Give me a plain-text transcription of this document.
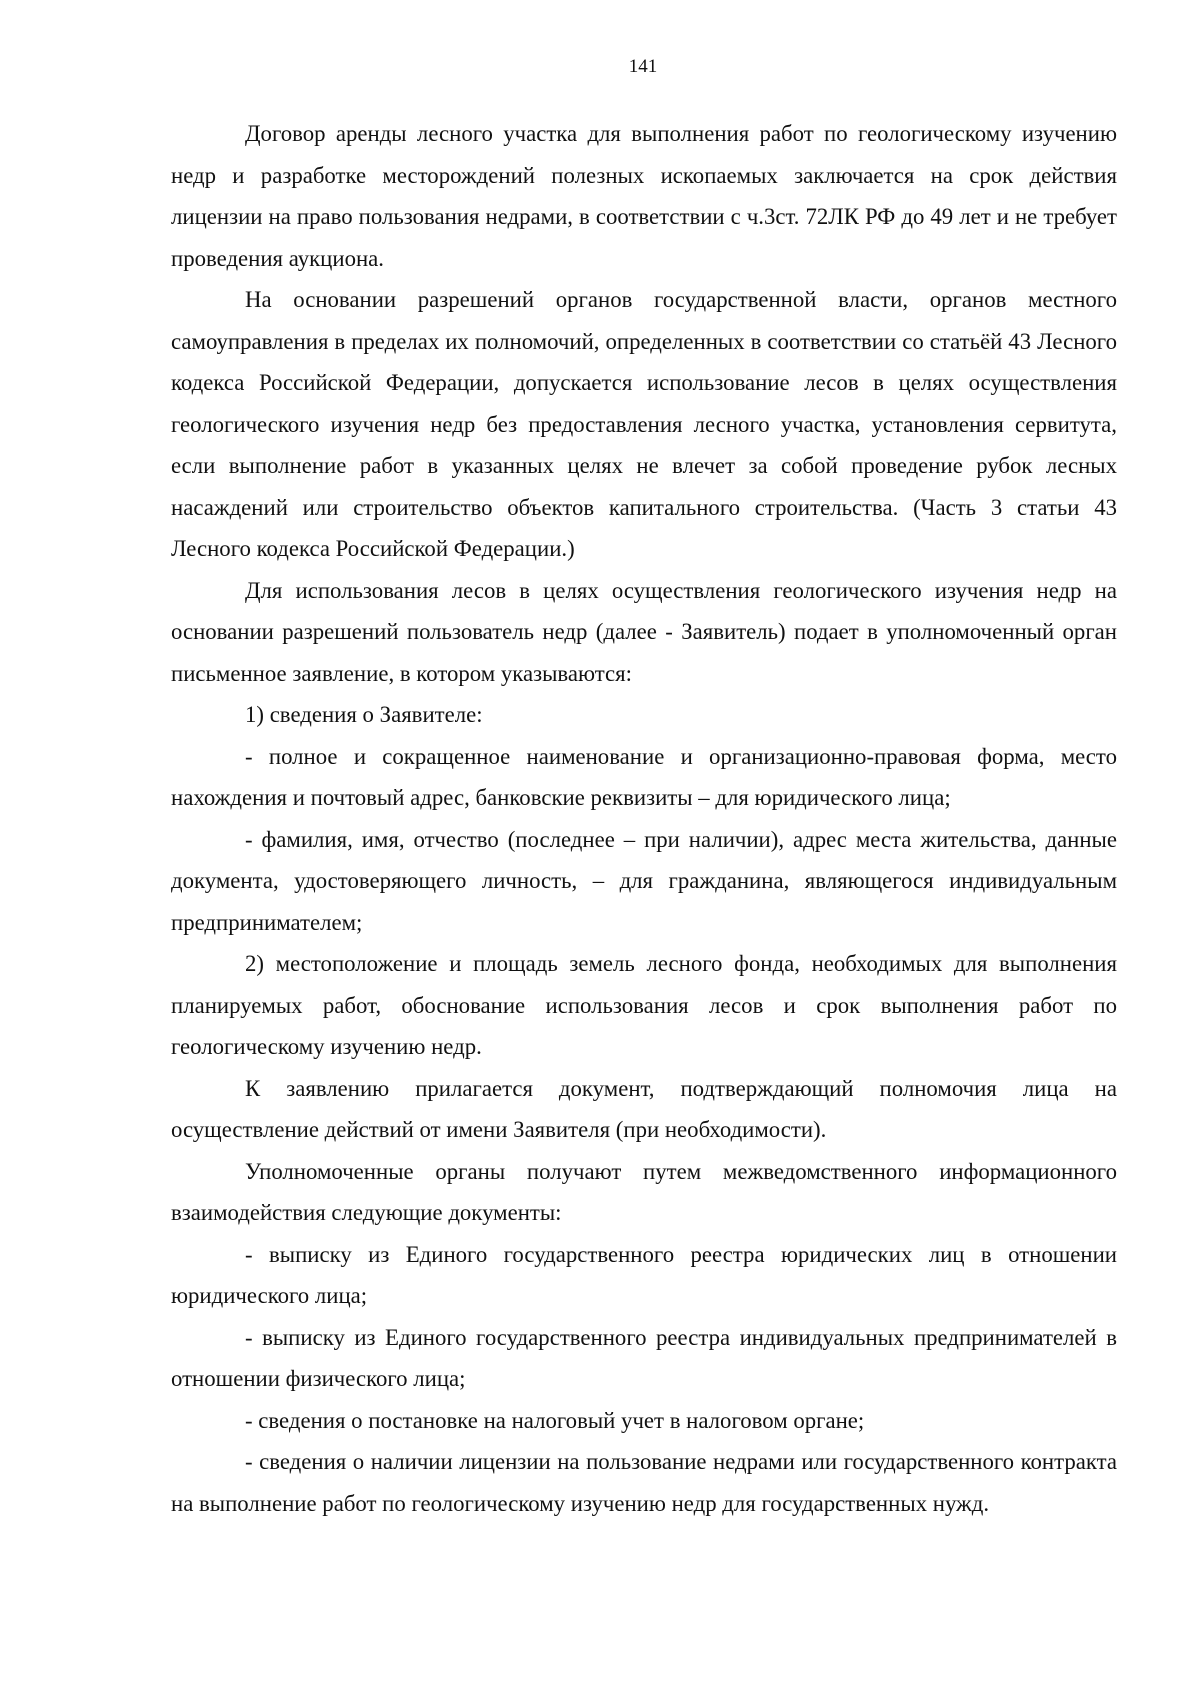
141

Договор аренды лесного участка для выполнения работ по геологическому изучению недр и разработке месторождений полезных ископаемых заключается на срок действия лицензии на право пользования недрами, в соответствии с ч.3ст. 72ЛК РФ до 49 лет и не требует проведения аукциона.

На основании разрешений органов государственной власти, органов местного самоуправления в пределах их полномочий, определенных в соответствии со статьёй 43 Лесного кодекса Российской Федерации, допускается использование лесов в целях осуществления геологического изучения недр без предоставления лесного участка, установления сервитута, если выполнение работ в указанных целях не влечет за собой проведение рубок лесных насаждений или строительство объектов капитального строительства. (Часть 3 статьи 43 Лесного кодекса Российской Федерации.)

Для использования лесов в целях осуществления геологического изучения недр на основании разрешений пользователь недр (далее - Заявитель) подает в уполномоченный орган письменное заявление, в котором указываются:

1) сведения о Заявителе:

- полное и сокращенное наименование и организационно-правовая форма, место нахождения и почтовый адрес, банковские реквизиты – для юридического лица;

- фамилия, имя, отчество (последнее – при наличии), адрес места жительства, данные документа, удостоверяющего личность, – для гражданина, являющегося индивидуальным предпринимателем;

2) местоположение и площадь земель лесного фонда, необходимых для выполнения планируемых работ, обоснование использования лесов и срок выполнения работ по геологическому изучению недр.

К заявлению прилагается документ, подтверждающий полномочия лица на осуществление действий от имени Заявителя (при необходимости).

Уполномоченные органы получают путем межведомственного информационного взаимодействия следующие документы:

- выписку из Единого государственного реестра юридических лиц в отношении юридического лица;

- выписку из Единого государственного реестра индивидуальных предпринимателей в отношении физического лица;

- сведения о постановке на налоговый учет в налоговом органе;

- сведения о наличии лицензии на пользование недрами или государственного контракта на выполнение работ по геологическому изучению недр для государственных нужд.
